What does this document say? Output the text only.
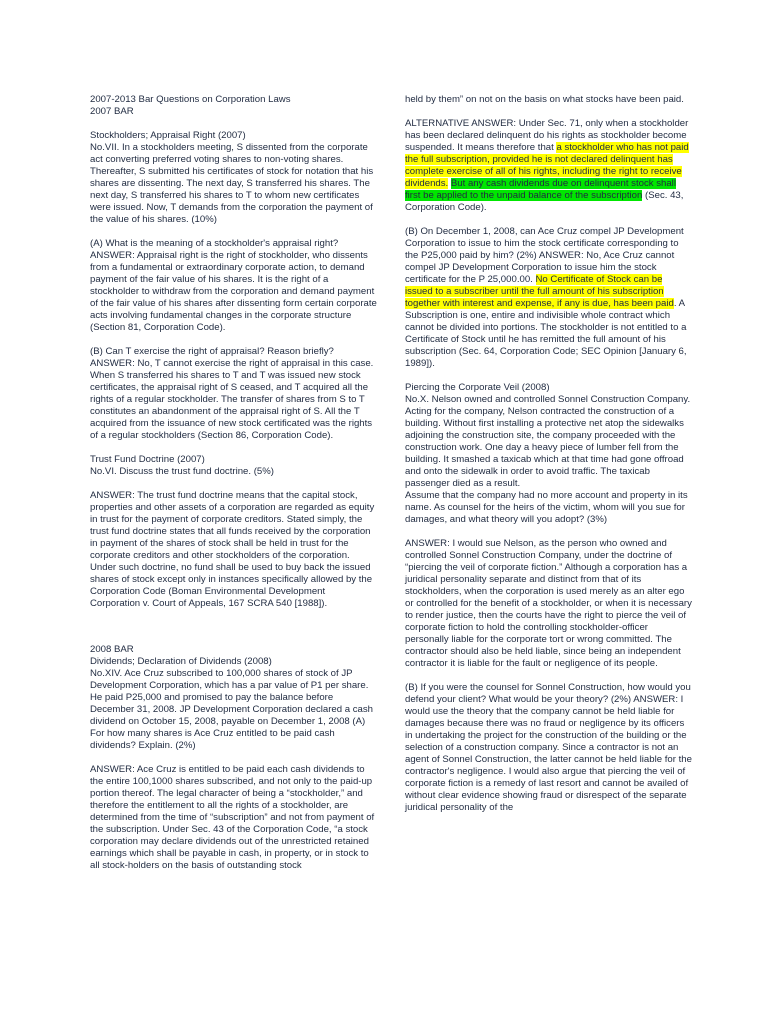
2007-2013 Bar Questions on Corporation Laws

2007 BAR

Stockholders; Appraisal Right (2007)

No.VII. In a stockholders meeting, S dissented from the corporate act converting preferred voting shares to non-voting shares. Thereafter, S submitted his certificates of stock for notation that his shares are dissenting. The next day, S transferred his shares. The next day, S transferred his shares to T to whom new certificates were issued. Now, T demands from the corporation the payment of the value of his shares. (10%)

(A) What is the meaning of a stockholder's appraisal right? ANSWER: Appraisal right is the right of stockholder, who dissents from a fundamental or extraordinary corporate action, to demand payment of the fair value of his shares. It is the right of a stockholder to withdraw from the corporation and demand payment of the fair value of his shares after dissenting form certain corporate acts involving fundamental changes in the corporate structure (Section 81, Corporation Code).

(B) Can T exercise the right of appraisal? Reason briefly? ANSWER: No, T cannot exercise the right of appraisal in this case. When S transferred his shares to T and T was issued new stock certificates, the appraisal right of S ceased, and T acquired all the rights of a regular stockholder. The transfer of shares from S to T constitutes an abandonment of the appraisal right of S. All the T acquired from the issuance of new stock certificated was the rights of a regular stockholders (Section 86, Corporation Code).

Trust Fund Doctrine (2007)

No.VI. Discuss the trust fund doctrine. (5%)

ANSWER: The trust fund doctrine means that the capital stock, properties and other assets of a corporation are regarded as equity in trust for the payment of corporate creditors. Stated simply, the trust fund doctrine states that all funds received by the corporation in payment of the shares of stock shall be held in trust for the corporate creditors and other stockholders of the corporation. Under such doctrine, no fund shall be used to buy back the issued shares of stock except only in instances specifically allowed by the Corporation Code (Boman Environmental Development Corporation v. Court of Appeals, 167 SCRA 540 [1988]).

2008 BAR

Dividends; Declaration of Dividends (2008)

No.XIV. Ace Cruz subscribed to 100,000 shares of stock of JP Development Corporation, which has a par value of P1 per share. He paid P25,000 and promised to pay the balance before December 31, 2008. JP Development Corporation declared a cash dividend on October 15, 2008, payable on December 1, 2008 (A) For how many shares is Ace Cruz entitled to be paid cash dividends? Explain. (2%)

ANSWER: Ace Cruz is entitled to be paid each cash dividends to the entire 100,1000 shares subscribed, and not only to the paid-up portion thereof. The legal character of being a “stockholder,” and therefore the entitlement to all the rights of a stockholder, are determined from the time of “subscription” and not from payment of the subscription. Under Sec. 43 of the Corporation Code, “a stock corporation may declare dividends out of the unrestricted retained earnings which shall be payable in cash, in property, or in stock to all stock-holders on the basis of outstanding stock

held by them” on not on the basis on what stocks have been paid.

ALTERNATIVE ANSWER: Under Sec. 71, only when a stockholder has been declared delinquent do his rights as stockholder become suspended. It means therefore that a stockholder who has not paid the full subscription, provided he is not declared delinquent has complete exercise of all of his rights, including the right to receive dividends. But any cash dividends due on delinquent stock shall first be applied to the unpaid balance of the subscription (Sec. 43, Corporation Code).

(B) On December 1, 2008, can Ace Cruz compel JP Development Corporation to issue to him the stock certificate corresponding to the P25,000 paid by him? (2%) ANSWER: No, Ace Cruz cannot compel JP Development Corporation to issue him the stock certificate for the P 25,000.00. No Certificate of Stock can be issued to a subscriber until the full amount of his subscription together with interest and expense, if any is due, has been paid. A Subscription is one, entire and indivisible whole contract which cannot be divided into portions. The stockholder is not entitled to a Certificate of Stock until he has remitted the full amount of his subscription (Sec. 64, Corporation Code; SEC Opinion [January 6, 1989]).

Piercing the Corporate Veil (2008)

No.X. Nelson owned and controlled Sonnel Construction Company. Acting for the company, Nelson contracted the construction of a building. Without first installing a protective net atop the sidewalks adjoining the construction site, the company proceeded with the construction work. One day a heavy piece of lumber fell from the building. It smashed a taxicab which at that time had gone offroad and onto the sidewalk in order to avoid traffic. The taxicab passenger died as a result.

Assume that the company had no more account and property in its name. As counsel for the heirs of the victim, whom will you sue for damages, and what theory will you adopt? (3%)

ANSWER: I would sue Nelson, as the person who owned and controlled Sonnel Construction Company, under the doctrine of “piercing the veil of corporate fiction.” Although a corporation has a juridical personality separate and distinct from that of its stockholders, when the corporation is used merely as an alter ego or controlled for the benefit of a stockholder, or when it is necessary to render justice, then the courts have the right to pierce the veil of corporate fiction to hold the controlling stockholder-officer personally liable for the corporate tort or wrong committed. The contractor should also be held liable, since being an independent contractor it is liable for the fault or negligence of its people.

(B) If you were the counsel for Sonnel Construction, how would you defend your client? What would be your theory? (2%) ANSWER: I would use the theory that the company cannot be held liable for damages because there was no fraud or negligence by its officers in undertaking the project for the construction of the building or the selection of a construction company. Since a contractor is not an agent of Sonnel Construction, the latter cannot be held liable for the contractor's negligence. I would also argue that piercing the veil of corporate fiction is a remedy of last resort and cannot be availed of without clear evidence showing fraud or disrespect of the separate juridical personality of the
